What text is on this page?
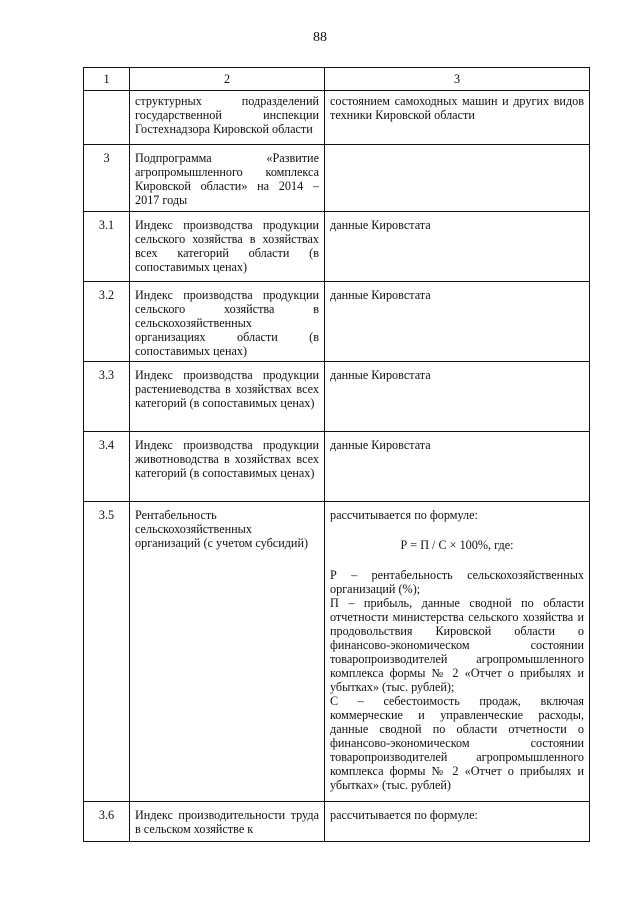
88
1	2	3
	структурных подразделений государственной инспекции Гостехнадзора Кировской области	состоянием самоходных машин и других видов техники Кировской области
3	Подпрограмма «Развитие агропромышленного комплекса Кировской области» на 2014 – 2017 годы	
3.1	Индекс производства продукции сельского хозяйства в хозяйствах всех категорий области (в сопоставимых ценах)	данные Кировстата
3.2	Индекс производства продукции сельского хозяйства в сельскохозяйственных организациях области (в сопоставимых ценах)	данные Кировстата
3.3	Индекс производства продукции растениеводства в хозяйствах всех категорий (в сопоставимых ценах)	данные Кировстата
3.4	Индекс производства продукции животноводства в хозяйствах всех категорий (в сопоставимых ценах)	данные Кировстата
3.5	Рентабельность сельскохозяйственных организаций (с учетом субсидий)	рассчитывается по формуле:
Р = П / С × 100%, где:
Р – рентабельность сельскохозяйственных организаций (%);
П – прибыль, данные сводной по области отчетности министерства сельского хозяйства и продовольствия Кировской области о финансово-экономическом состоянии товаропроизводителей агропромышленного комплекса формы № 2 «Отчет о прибылях и убытках» (тыс. рублей);
С – себестоимость продаж, включая коммерческие и управленческие расходы, данные сводной по области отчетности о финансово-экономическом состоянии товаропроизводителей агропромышленного комплекса формы № 2 «Отчет о прибылях и убытках» (тыс. рублей)

3.6	Индекс производительности труда в сельском хозяйстве к	рассчитывается по формуле:
